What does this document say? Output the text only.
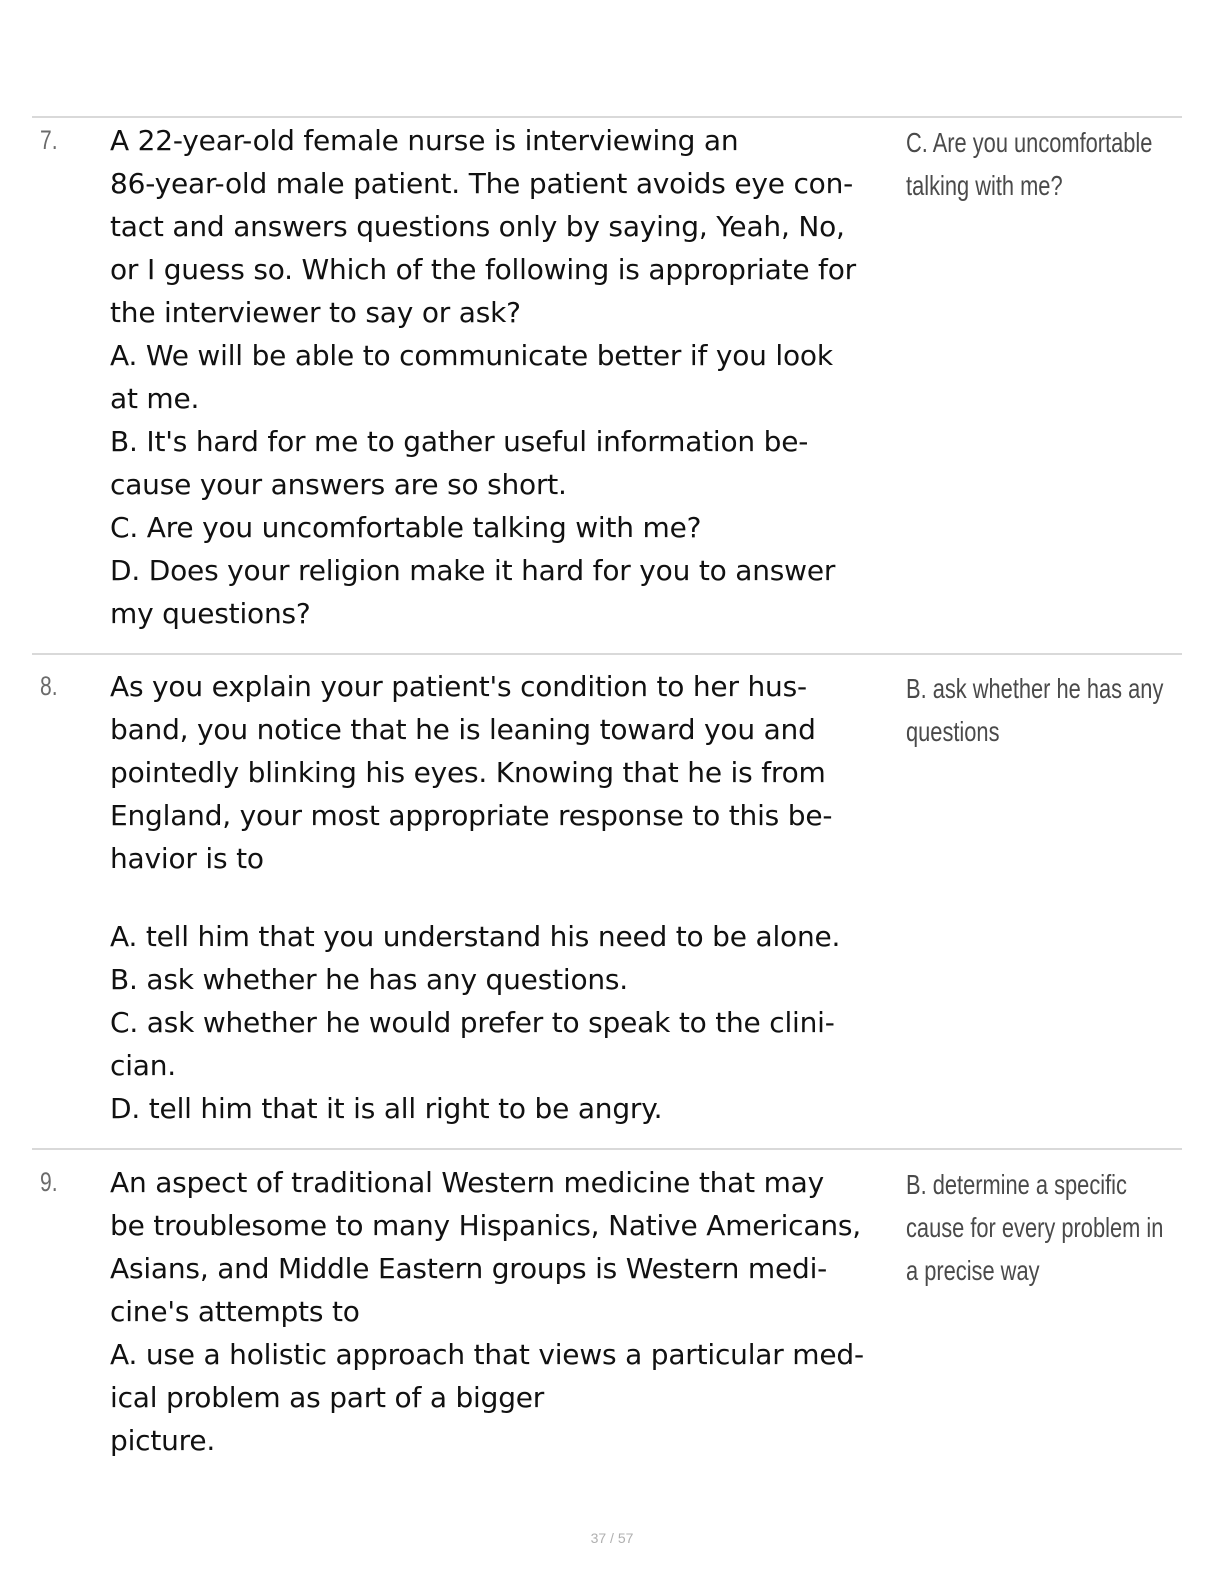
7. A 22-year-old female nurse is interviewing an
86-year-old male patient. The patient avoids eye con-
tact and answers questions only by saying, Yeah, No,
or I guess so. Which of the following is appropriate for
the interviewer to say or ask?
A. We will be able to communicate better if you look
at me.
B. It's hard for me to gather useful information be-
cause your answers are so short.
C. Are you uncomfortable talking with me?
D. Does your religion make it hard for you to answer
my questions?
C. Are you uncomfortable
talking with me?
8. As you explain your patient's condition to her hus-
band, you notice that he is leaning toward you and
pointedly blinking his eyes. Knowing that he is from
England, your most appropriate response to this be-
havior is to
A. tell him that you understand his need to be alone.
B. ask whether he has any questions.
C. ask whether he would prefer to speak to the clini-
cian.
D. tell him that it is all right to be angry.
B. ask whether he has any
questions
9. An aspect of traditional Western medicine that may
be troublesome to many Hispanics, Native Americans,
Asians, and Middle Eastern groups is Western medi-
cine's attempts to
A. use a holistic approach that views a particular med-
ical problem as part of a bigger
picture.
B. determine a specific
cause for every problem in
a precise way
37 / 57
